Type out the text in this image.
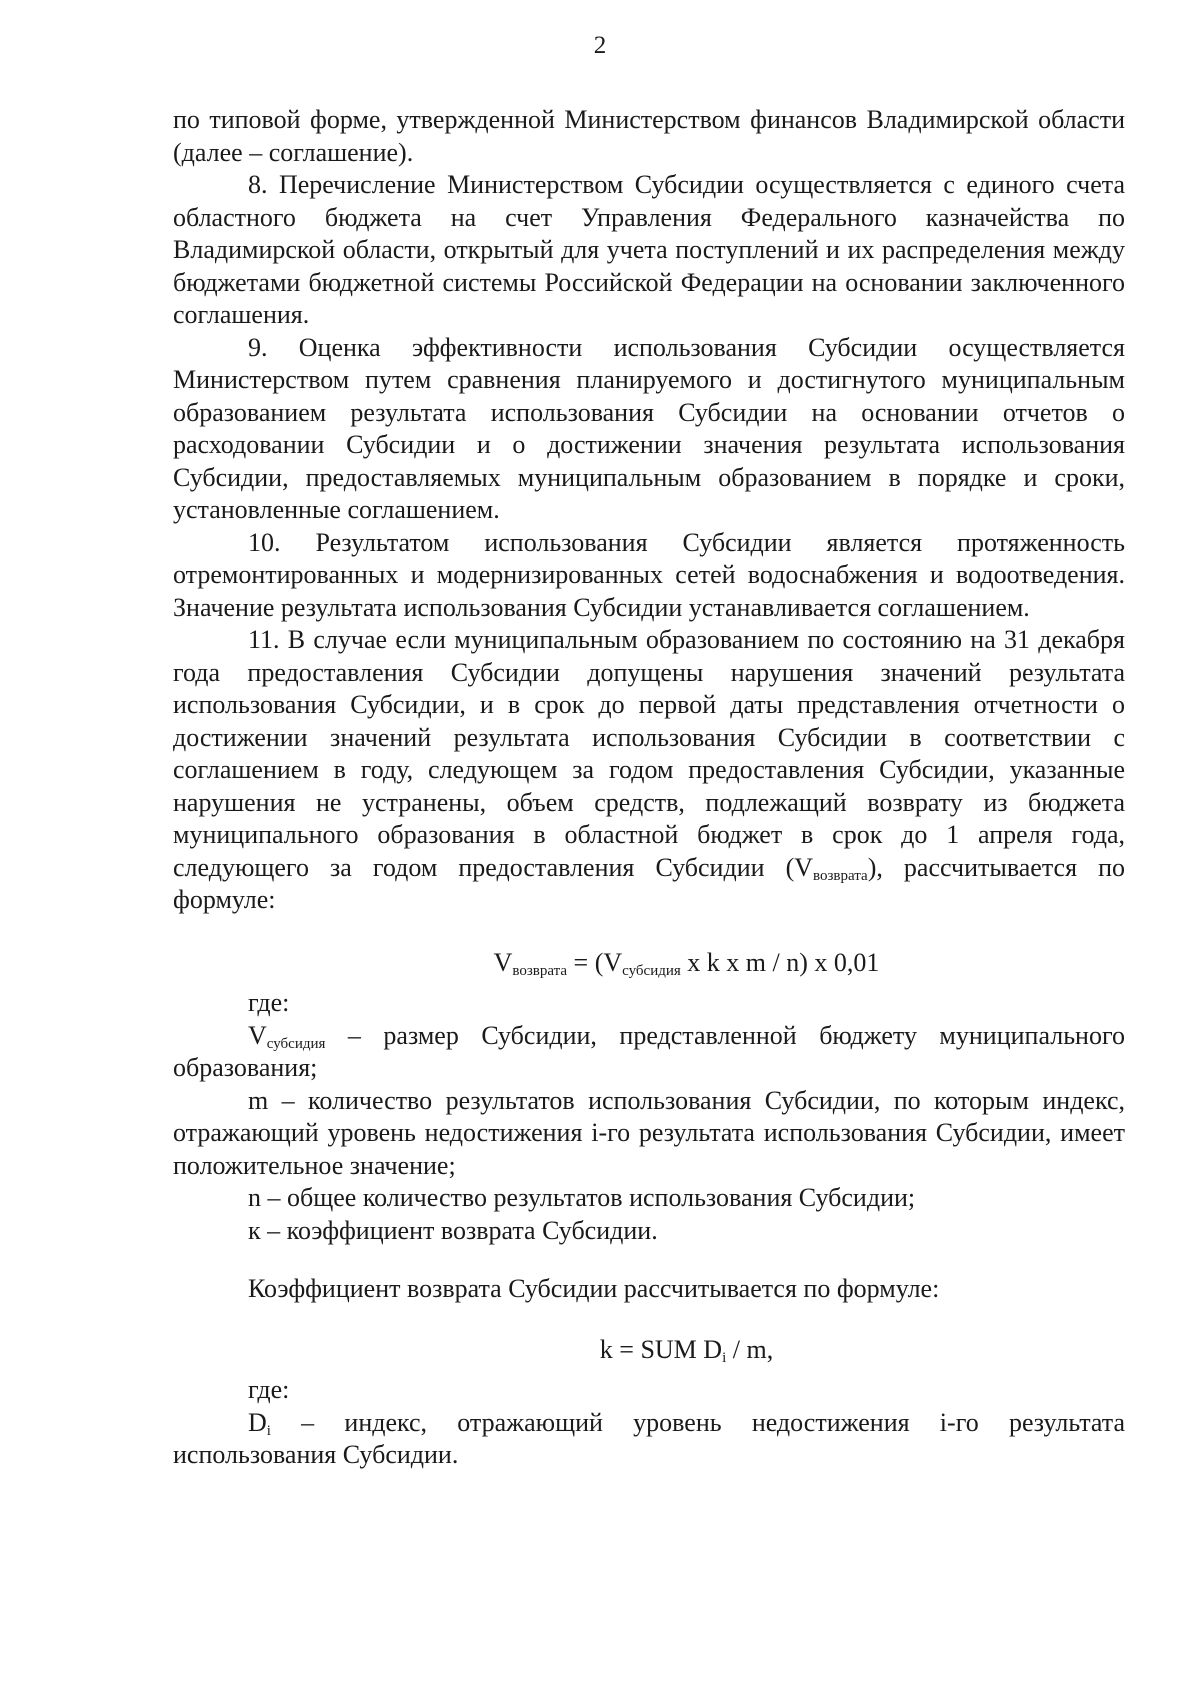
2

по типовой форме, утвержденной Министерством финансов Владимирской области (далее – соглашение).

8. Перечисление Министерством Субсидии осуществляется с единого счета областного бюджета на счет Управления Федерального казначейства по Владимирской области, открытый для учета поступлений и их распределения между бюджетами бюджетной системы Российской Федерации на основании заключенного соглашения.

9. Оценка эффективности использования Субсидии осуществляется Министерством путем сравнения планируемого и достигнутого муниципальным образованием результата использования Субсидии на основании отчетов о расходовании Субсидии и о достижении значения результата использования Субсидии, предоставляемых муниципальным образованием в порядке и сроки, установленные соглашением.

10. Результатом использования Субсидии является протяженность отремонтированных и модернизированных сетей водоснабжения и водоотведения. Значение результата использования Субсидии устанавливается соглашением.

11. В случае если муниципальным образованием по состоянию на 31 декабря года предоставления Субсидии допущены нарушения значений результата использования Субсидии, и в срок до первой даты представления отчетности о достижении значений результата использования Субсидии в соответствии с соглашением в году, следующем за годом предоставления Субсидии, указанные нарушения не устранены, объем средств, подлежащий возврату из бюджета муниципального образования в областной бюджет в срок до 1 апреля года, следующего за годом предоставления Субсидии $(V_{возврата})$, рассчитывается по формуле:

$V_{возврата} = (V_{субсидия}$ x k x m / n) x 0,01

где:

$V_{субсидия}$ – размер Субсидии, представленной бюджету муниципального образования;

m – количество результатов использования Субсидии, по которым индекс, отражающий уровень недостижения i-го результата использования Субсидии, имеет положительное значение;

n – общее количество результатов использования Субсидии;

к – коэффициент возврата Субсидии.

Коэффициент возврата Субсидии рассчитывается по формуле:

k = SUM $D_i$ / m,

где:

$D_i$ – индекс, отражающий уровень недостижения i-го результата использования Субсидии.
